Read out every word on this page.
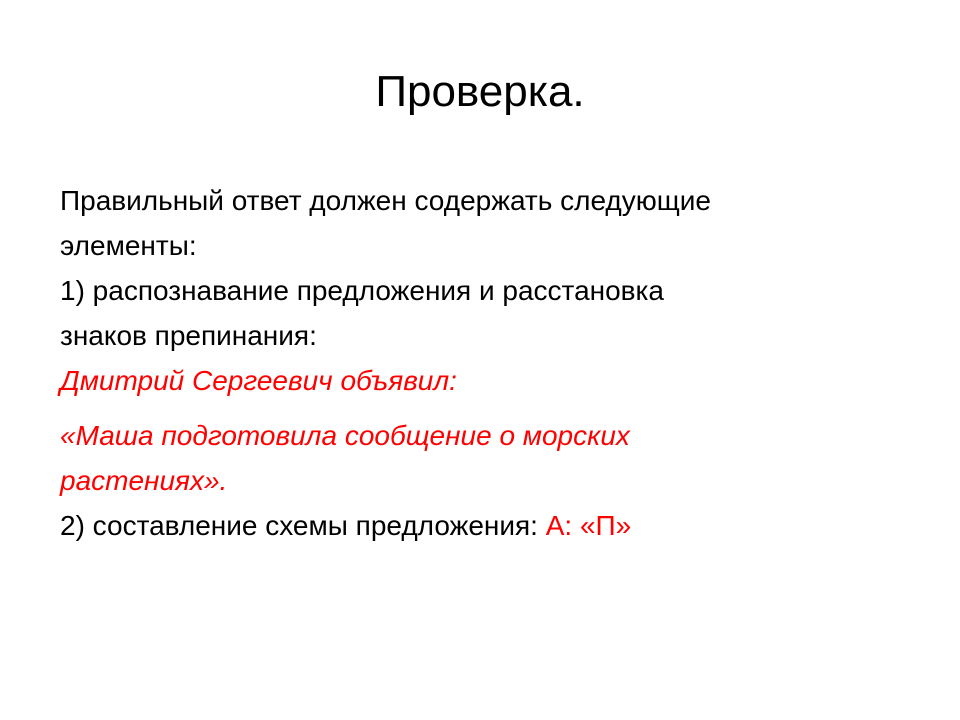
Проверка.
Правильный ответ должен содержать следующие
элементы:
1) распознавание предложения и расстановка
знаков препинания:
Дмитрий Сергеевич объявил:
«Маша подготовила сообщение о морских
растениях».
2) составление схемы предложения: А: «П»
